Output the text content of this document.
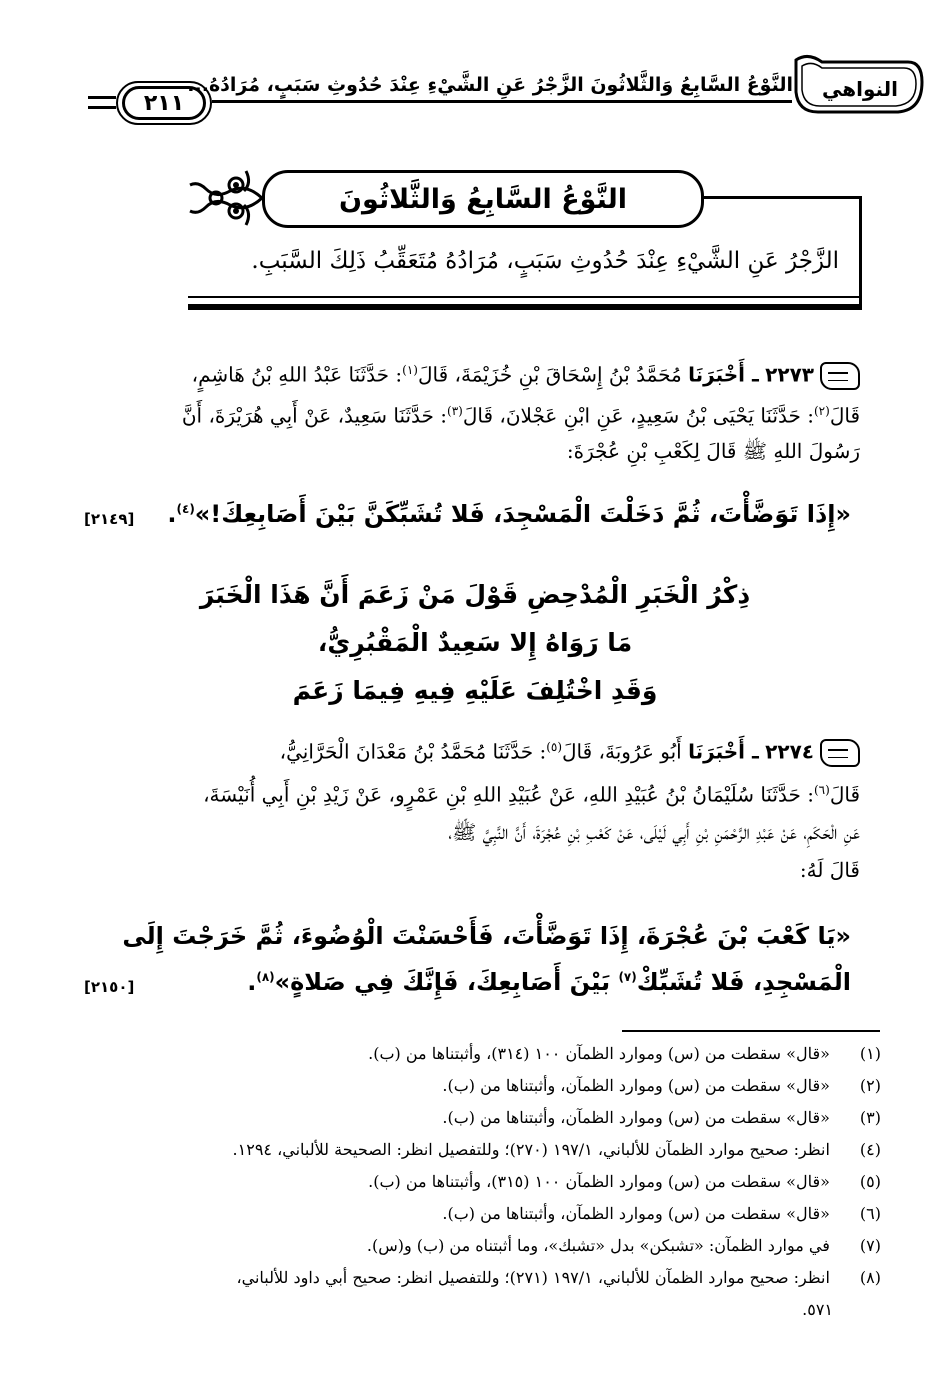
٢١١
النَّوْعُ السَّابِعُ وَالثَّلاثُونَ الزَّجْرُ عَنِ الشَّيْءِ عِنْدَ حُدُوثِ سَبَبٍ، مُرَادُهُ... النواهي
النَّوْعُ السَّابِعُ وَالثَّلاثُونَ
الزَّجْرُ عَنِ الشَّيْءِ عِنْدَ حُدُوثِ سَبَبٍ، مُرَادُهُ مُتَعَقِّبُ ذَلِكَ السَّبَبِ.
٢٢٧٣ ـ أَخْبَرَنَا مُحَمَّدُ بْنُ إِسْحَاقَ بْنِ خُزَيْمَةَ، قَالَ$^{(١)}$: حَدَّثَنَا عَبْدُ اللهِ بْنُ هَاشِمٍ،
قَالَ$^{(٢)}$: حَدَّثَنَا يَحْيَى بْنُ سَعِيدٍ، عَنِ ابْنِ عَجْلانَ، قَالَ$^{(٣)}$: حَدَّثَنَا سَعِيدٌ، عَنْ أَبِي هُرَيْرَةَ، أَنَّ
رَسُولَ اللهِ ﷺ قَالَ لِكَعْبِ بْنِ عُجْرَةَ:
«إِذَا تَوَضَّأْتَ، ثُمَّ دَخَلْتَ الْمَسْجِدَ، فَلا تُشَبِّكَنَّ بَيْنَ أَصَابِعِكَ!»$^{(٤)}$.
[٢١٤٩]
ذِكْرُ الْخَبَرِ الْمُدْحِضِ قَوْلَ مَنْ زَعَمَ أَنَّ هَذَا الْخَبَرَ
مَا رَوَاهُ إِلا سَعِيدٌ الْمَقْبُرِيُّ،
وَقَدِ اخْتُلِفَ عَلَيْهِ فِيهِ فِيمَا زَعَمَ
٢٢٧٤ ـ أَخْبَرَنَا أَبُو عَرُوبَةَ، قَالَ$^{(٥)}$: حَدَّثَنَا مُحَمَّدُ بْنُ مَعْدَانَ الْحَرَّانِيُّ،
قَالَ$^{(٦)}$: حَدَّثَنَا سُلَيْمَانُ بْنُ عُبَيْدِ اللهِ، عَنْ عُبَيْدِ اللهِ بْنِ عَمْرٍو، عَنْ زَيْدِ بْنِ أَبِي أُنَيْسَةَ،
عَنِ الْحَكَمِ، عَنْ عَبْدِ الرَّحْمَنِ بْنِ أَبِي لَيْلَى، عَنْ كَعْبِ بْنِ عُجْرَةَ، أَنَّ النَّبِيَّ ﷺ،
قَالَ لَهُ:
«يَا كَعْبَ بْنَ عُجْرَةَ، إِذَا تَوَضَّأْتَ، فَأَحْسَنْتَ الْوُضُوءَ، ثُمَّ خَرَجْتَ إِلَى
الْمَسْجِدِ، فَلا تُشَبِّكْ$^{(٧)}$ بَيْنَ أَصَابِعِكَ، فَإِنَّكَ فِي صَلاةٍ»$^{(٨)}$.
[٢١٥٠]
(١) «قال» سقطت من (س) وموارد الظمآن ١٠٠ (٣١٤)، وأثبتناها من (ب).
(٢) «قال» سقطت من (س) وموارد الظمآن، وأثبتناها من (ب).
(٣) «قال» سقطت من (س) وموارد الظمآن، وأثبتناها من (ب).
(٤) انظر: صحيح موارد الظمآن للألباني، ١٩٧/١ (٢٧٠)؛ وللتفصيل انظر: الصحيحة للألباني، ١٢٩٤.
(٥) «قال» سقطت من (س) وموارد الظمآن ١٠٠ (٣١٥)، وأثبتناها من (ب).
(٦) «قال» سقطت من (س) وموارد الظمآن، وأثبتناها من (ب).
(٧) في موارد الظمآن: «تشبكن» بدل «تشبك»، وما أثبتناه من (ب) و(س).
(٨) انظر: صحيح موارد الظمآن للألباني، ١٩٧/١ (٢٧١)؛ وللتفصيل انظر: صحيح أبي داود للألباني،
٥٧١.
